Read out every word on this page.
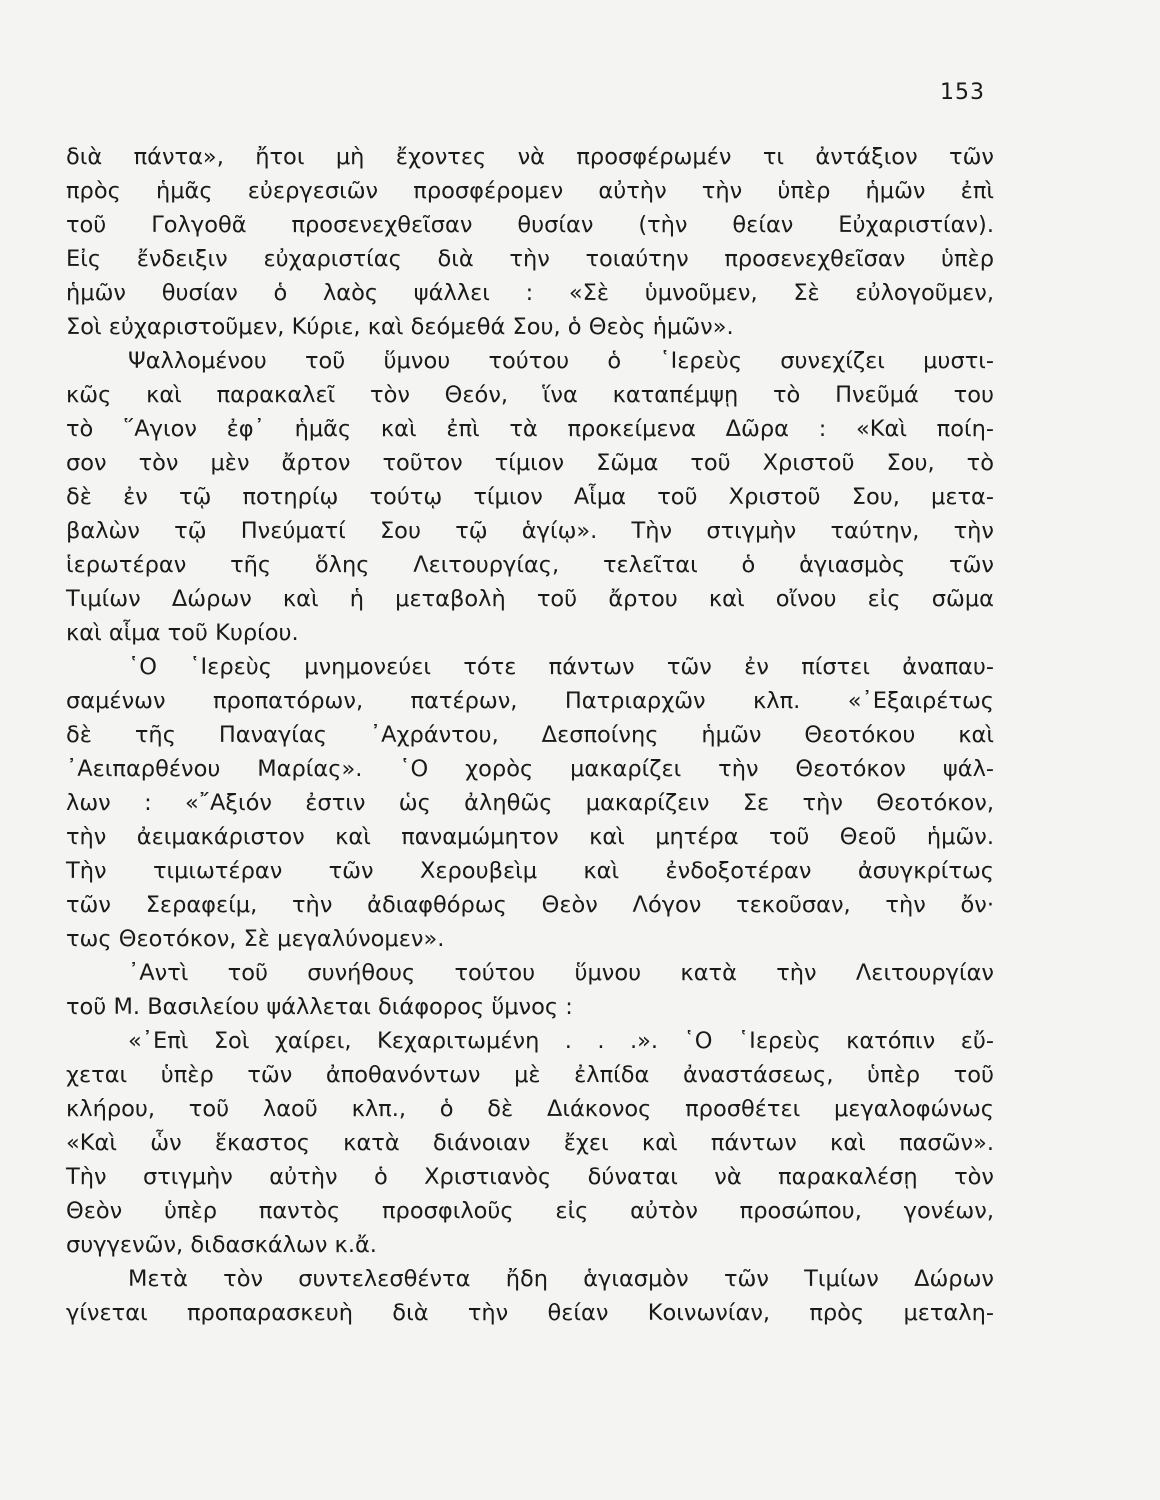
153
διὰ πάντα», ἤτοι μὴ ἔχοντες νὰ προσφέρωμέν τι ἀντάξιον τῶν
πρὸς ἡμᾶς εὐεργεσιῶν προσφέρομεν αὐτὴν τὴν ὑπὲρ ἡμῶν ἐπὶ
τοῦ Γολγοθᾶ προσενεχθεῖσαν θυσίαν (τὴν θείαν Εὐχαριστίαν).
Εἰς ἔνδειξιν εὐχαριστίας διὰ τὴν τοιαύτην προσενεχθεῖσαν ὑπὲρ
ἡμῶν θυσίαν ὁ λαὸς ψάλλει : «Σὲ ὑμνοῦμεν, Σὲ εὐλογοῦμεν,
Σοὶ εὐχαριστοῦμεν, Κύριε, καὶ δεόμεθά Σου, ὁ Θεὸς ἡμῶν».
Ψαλλομένου τοῦ ὕμνου τούτου ὁ ῾Ιερεὺς συνεχίζει μυστι-
κῶς καὶ παρακαλεῖ τὸν Θεόν, ἵνα καταπέμψῃ τὸ Πνεῦμά του
τὸ ῞Αγιον ἐφ᾿ ἡμᾶς καὶ ἐπὶ τὰ προκείμενα Δῶρα : «Καὶ ποίη-
σον τὸν μὲν ἄρτον τοῦτον τίμιον Σῶμα τοῦ Χριστοῦ Σου, τὸ
δὲ ἐν τῷ ποτηρίῳ τούτῳ τίμιον Αἷμα τοῦ Χριστοῦ Σου, μετα-
βαλὼν τῷ Πνεύματί Σου τῷ ἁγίῳ». Τὴν στιγμὴν ταύτην, τὴν
ἱερωτέραν τῆς ὅλης Λειτουργίας, τελεῖται ὁ ἁγιασμὸς τῶν
Τιμίων Δώρων καὶ ἡ μεταβολὴ τοῦ ἄρτου καὶ οἴνου εἰς σῶμα
καὶ αἷμα τοῦ Κυρίου.
῾Ο ῾Ιερεὺς μνημονεύει τότε πάντων τῶν ἐν πίστει ἀναπαυ-
σαμένων προπατόρων, πατέρων, Πατριαρχῶν κλπ. «᾿Εξαιρέτως
δὲ τῆς Παναγίας ᾿Αχράντου, Δεσποίνης ἡμῶν Θεοτόκου καὶ
᾿Αειπαρθένου Μαρίας». ῾Ο χορὸς μακαρίζει τὴν Θεοτόκον ψάλ-
λων : «῎Αξιόν ἐστιν ὡς ἀληθῶς μακαρίζειν Σε τὴν Θεοτόκον,
τὴν ἀειμακάριστον καὶ παναμώμητον καὶ μητέρα τοῦ Θεοῦ ἡμῶν.
Τὴν τιμιωτέραν τῶν Χερουβεὶμ καὶ ἐνδοξοτέραν ἀσυγκρίτως
τῶν Σεραφείμ, τὴν ἀδιαφθόρως Θεὸν Λόγον τεκοῦσαν, τὴν ὄν·
τως Θεοτόκον, Σὲ μεγαλύνομεν».
᾿Αντὶ τοῦ συνήθους τούτου ὕμνου κατὰ τὴν Λειτουργίαν
τοῦ Μ. Βασιλείου ψάλλεται διάφορος ὕμνος :
«᾿Επὶ Σοὶ χαίρει, Κεχαριτωμένη . . .». ῾Ο ῾Ιερεὺς κατόπιν εὔ-
χεται ὑπὲρ τῶν ἀποθανόντων μὲ ἐλπίδα ἀναστάσεως, ὑπὲρ τοῦ
κλήρου, τοῦ λαοῦ κλπ., ὁ δὲ Διάκονος προσθέτει μεγαλοφώνως
«Καὶ ὧν ἕκαστος κατὰ διάνοιαν ἔχει καὶ πάντων καὶ πασῶν».
Τὴν στιγμὴν αὐτὴν ὁ Χριστιανὸς δύναται νὰ παρακαλέσῃ τὸν
Θεὸν ὑπὲρ παντὸς προσφιλοῦς εἰς αὐτὸν προσώπου, γονέων,
συγγενῶν, διδασκάλων κ.ἄ.
Μετὰ τὸν συντελεσθέντα ἤδη ἁγιασμὸν τῶν Τιμίων Δώρων
γίνεται προπαρασκευὴ διὰ τὴν θείαν Κοινωνίαν, πρὸς μεταλη-
